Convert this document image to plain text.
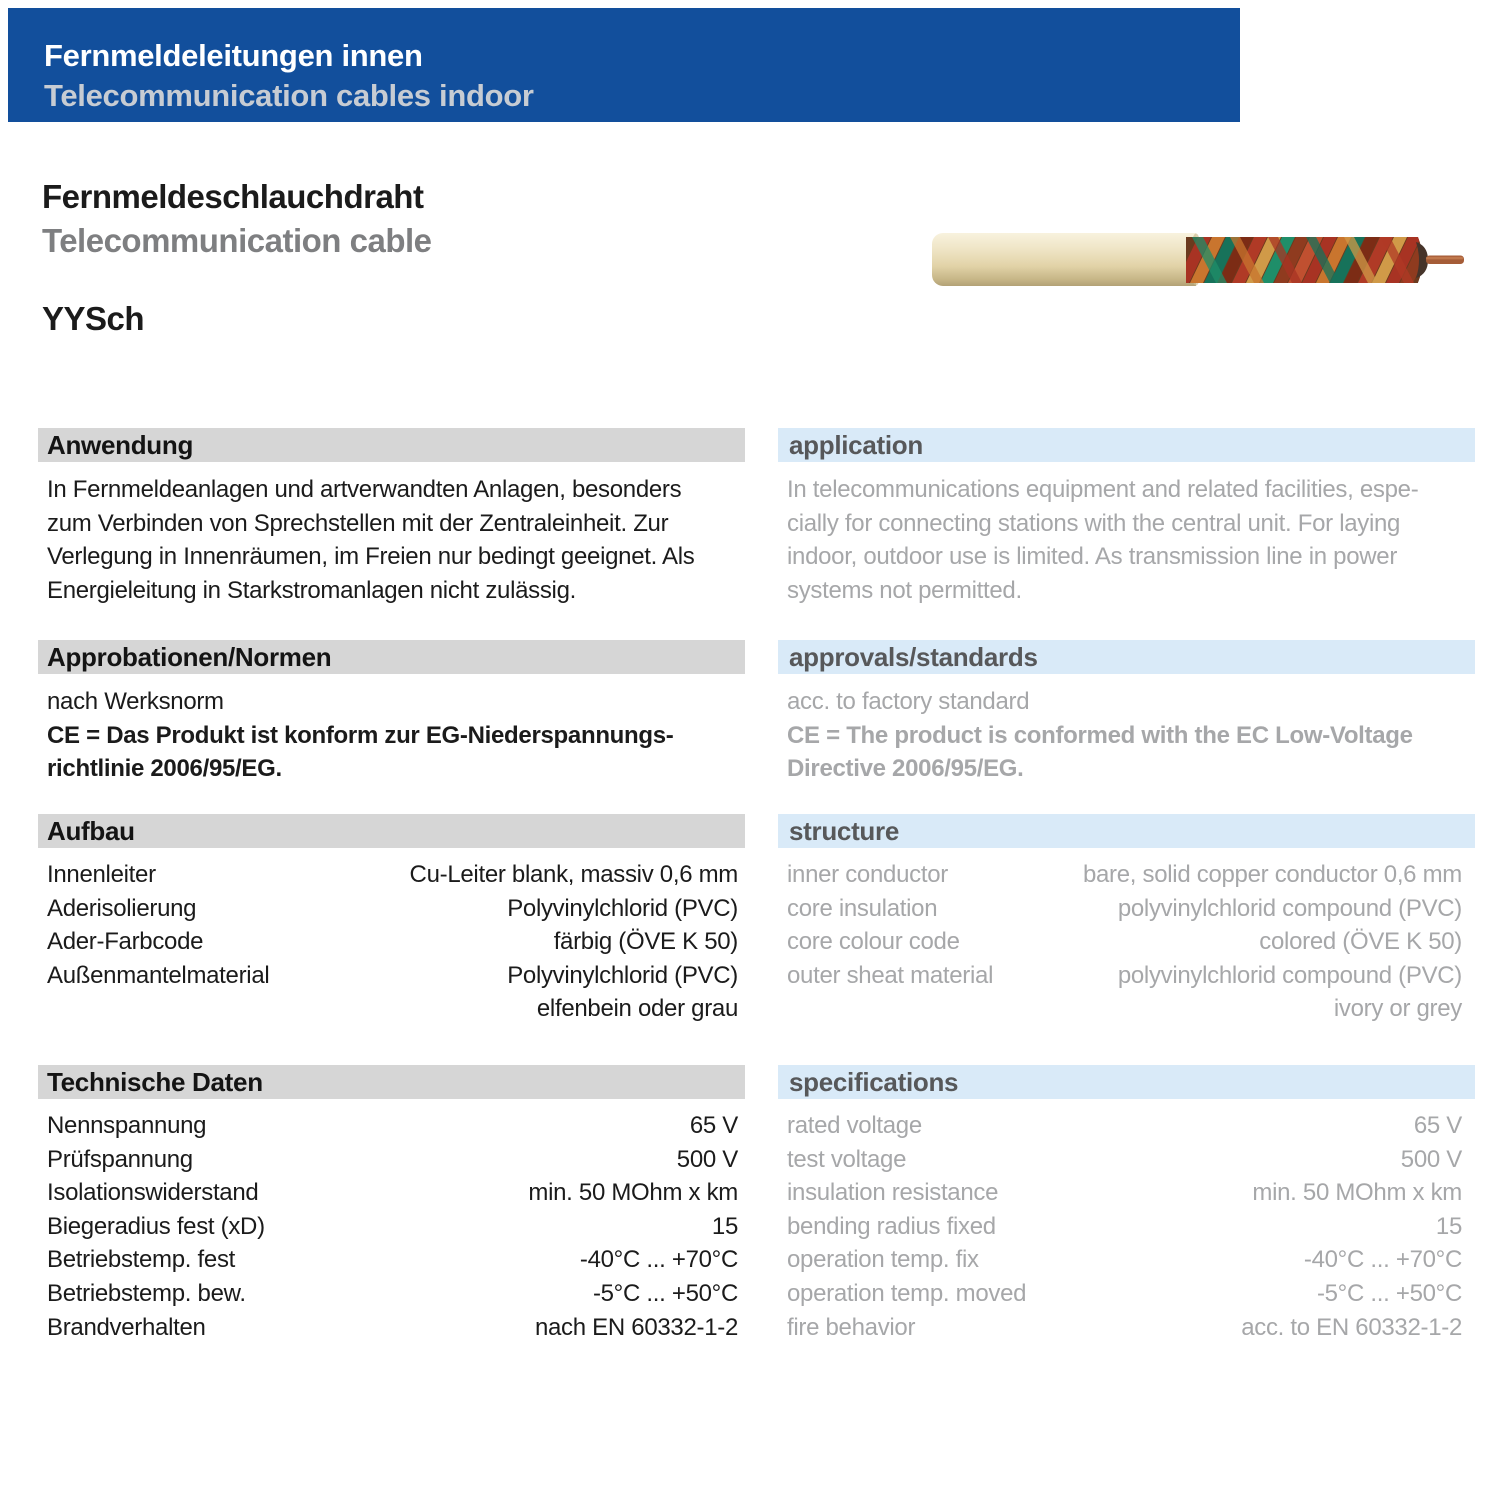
Fernmeldeleitungen innen
Telecommunication cables indoor
Fernmeldeschlauchdraht
Telecommunication cable
YYSch
Anwendung
In Fernmeldeanlagen und artverwandten Anlagen, besonders
zum Verbinden von Sprechstellen mit der Zentraleinheit. Zur
Verlegung in Innenräumen, im Freien nur bedingt geeignet. Als
Energieleitung in Starkstromanlagen nicht zulässig.
Approbationen/Normen
nach Werksnorm
CE = Das Produkt ist konform zur EG-Niederspannungs-
richtlinie 2006/95/EG.
Aufbau
Innenleiter	Cu-Leiter blank, massiv 0,6 mm
Aderisolierung	Polyvinylchlorid (PVC)
Ader-Farbcode	färbig (ÖVE K 50)
Außenmantelmaterial	Polyvinylchlorid (PVC)
elfenbein oder grau
Technische Daten
Nennspannung	65 V
Prüfspannung	500 V
Isolationswiderstand	min. 50 MOhm x km
Biegeradius fest (xD)	15
Betriebstemp. fest	-40°C ... +70°C
Betriebstemp. bew.	-5°C ... +50°C
Brandverhalten	nach EN 60332-1-2
application
In telecommunications equipment and related facilities, espe-
cially for connecting stations with the central unit. For laying
indoor, outdoor use is limited. As transmission line in power
systems not permitted.
approvals/standards
acc. to factory standard
CE = The product is conformed with the EC Low-Voltage
Directive 2006/95/EG.
structure
inner conductor	bare, solid copper conductor 0,6 mm
core insulation	polyvinylchlorid compound (PVC)
core colour code	colored (ÖVE K 50)
outer sheat material	polyvinylchlorid compound (PVC)
ivory or grey
specifications
rated voltage	65 V
test voltage	500 V
insulation resistance	min. 50 MOhm x km
bending radius fixed	15
operation temp. fix	-40°C ... +70°C
operation temp. moved	-5°C ... +50°C
fire behavior	acc. to EN 60332-1-2
